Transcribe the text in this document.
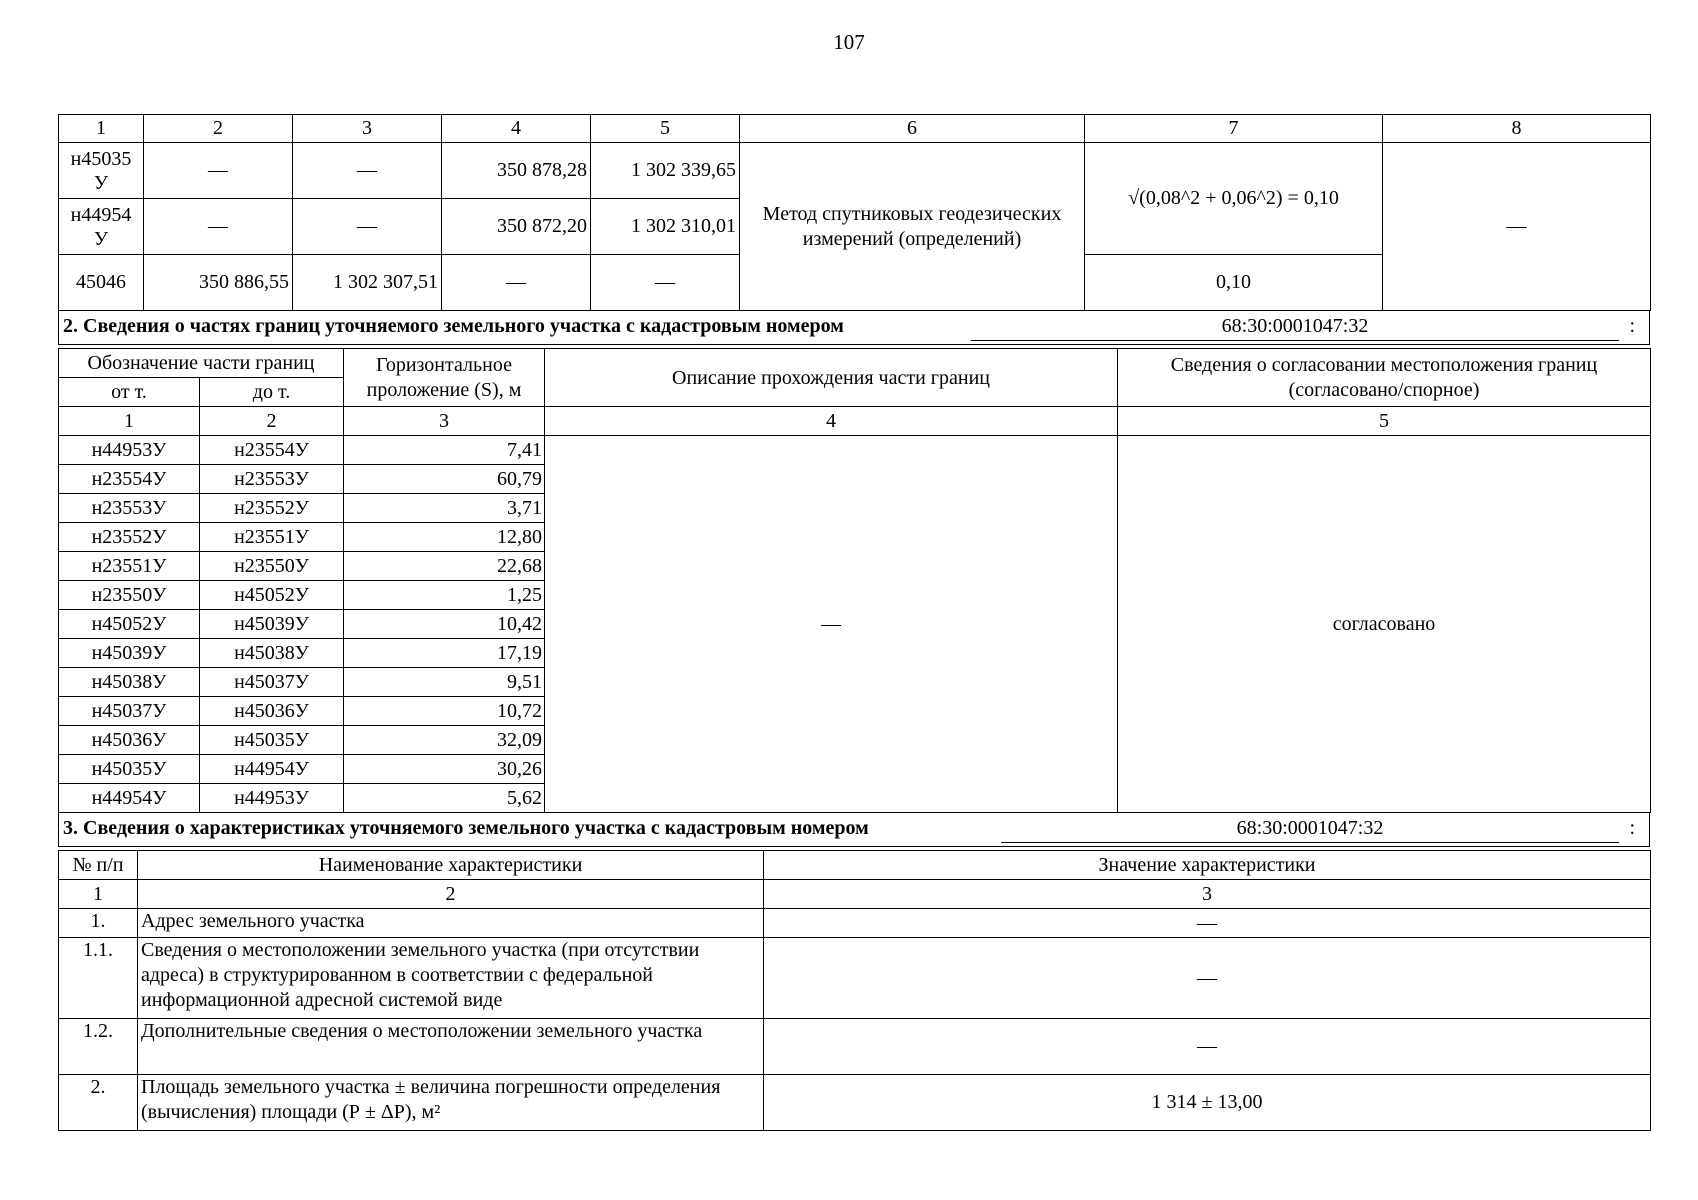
107
1	2	3	4	5	6	7	8
н45035 У	—	—	350 878,28	1 302 339,65	Метод спутниковых геодезических измерений (определений)	√(0,08^2 + 0,06^2) = 0,10	—
н44954 У	—	—	350 872,20	1 302 310,01			
45046	350 886,55	1 302 307,51	—	—		0,10	
2. Сведения о частях границ уточняемого земельного участка с кадастровым номером	68:30:0001047:32	:
Обозначение части границ		Горизонтальное проложение (S), м	Описание прохождения части границ	Сведения о согласовании местоположения границ (согласовано/спорное)
от т.	до т.			
1	2	3	4	5
н44953У	н23554У	7,41	—	согласовано
н23554У	н23553У	60,79		
н23553У	н23552У	3,71		
н23552У	н23551У	12,80		
н23551У	н23550У	22,68		
н23550У	н45052У	1,25		
н45052У	н45039У	10,42		
н45039У	н45038У	17,19		
н45038У	н45037У	9,51		
н45037У	н45036У	10,72		
н45036У	н45035У	32,09		
н45035У	н44954У	30,26		
н44954У	н44953У	5,62		
3. Сведения о характеристиках уточняемого земельного участка с кадастровым номером	68:30:0001047:32	:
№ п/п	Наименование характеристики	Значение характеристики
1	2	3
1.	Адрес земельного участка	—
1.1.	Сведения о местоположении земельного участка (при отсутствии адреса) в структурированном в соответствии с федеральной информационной адресной системой виде	—
1.2.	Дополнительные сведения о местоположении земельного участка	—
2.	Площадь земельного участка ± величина погрешности определения (вычисления) площади (Р ± ΔР), м²	1 314 ± 13,00
